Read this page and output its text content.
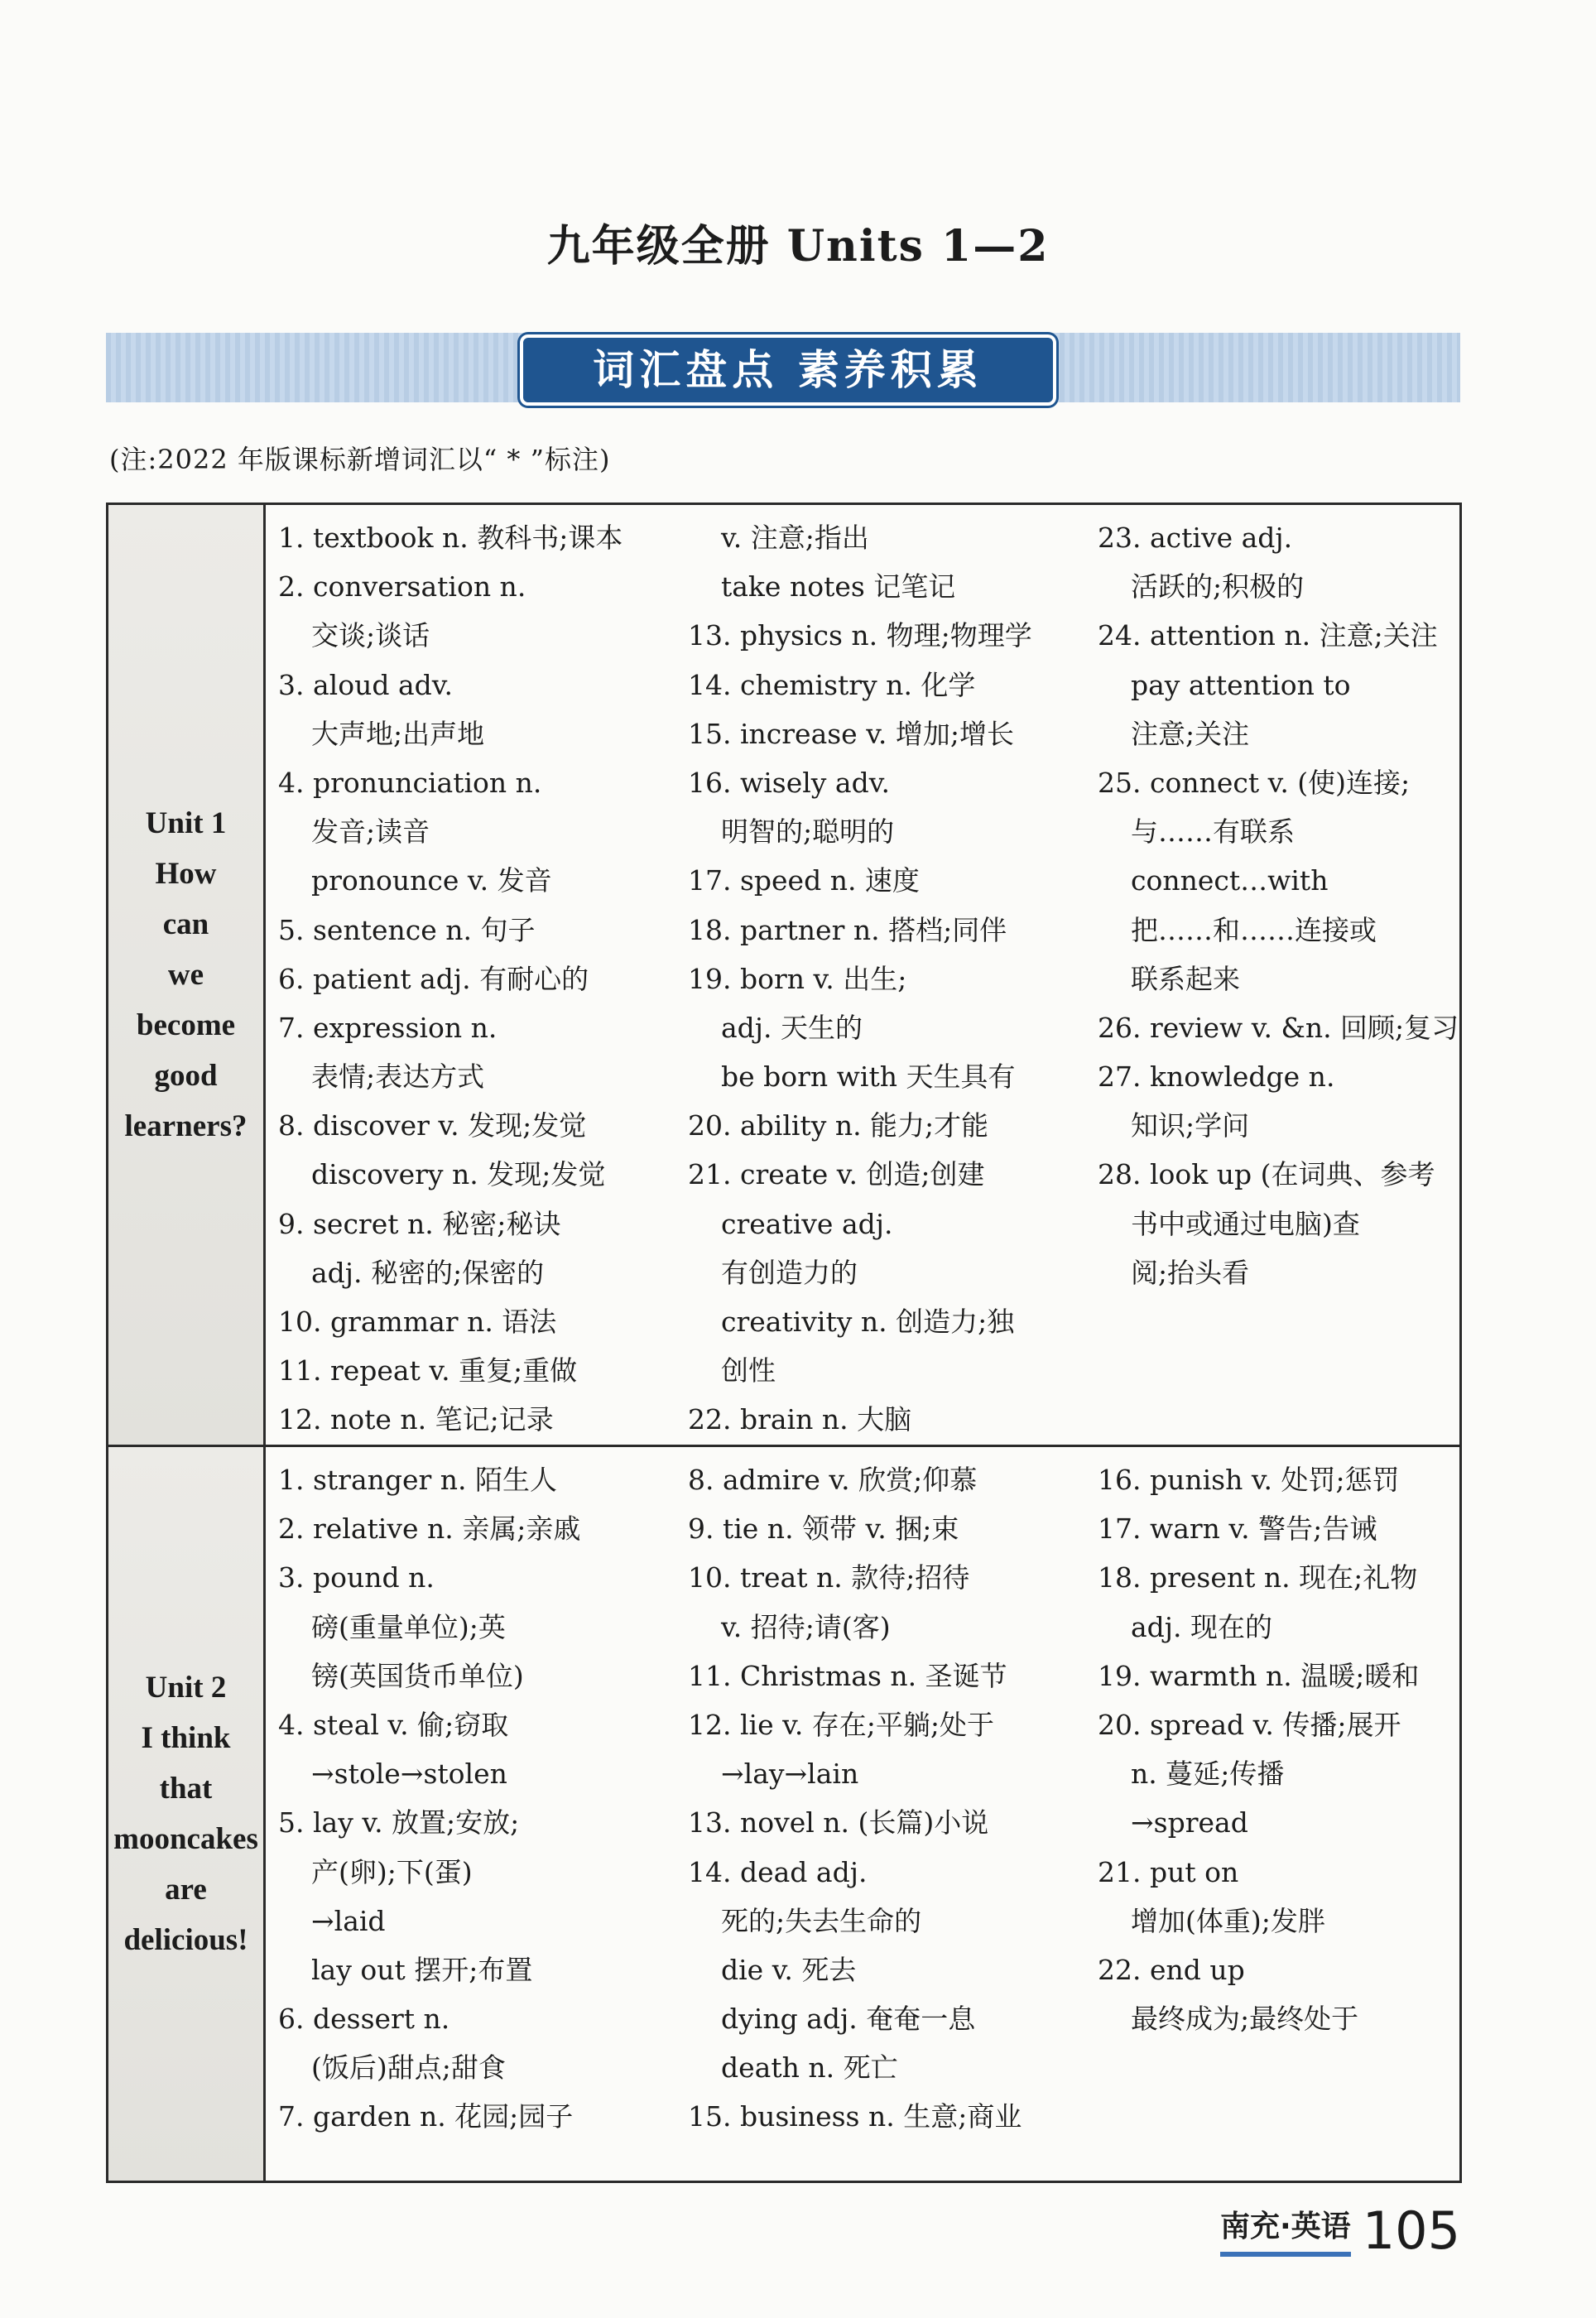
九年级全册 Units 1—2
词汇盘点 素养积累
(注:2022 年版课标新增词汇以“ * ”标注)
Unit 1
How
can
we
become
good
learners?
1. textbook n. 教科书;课本
2. conversation n.
交谈;谈话
3. aloud adv.
大声地;出声地
4. pronunciation n.
发音;读音
pronounce v. 发音
5. sentence n. 句子
6. patient adj. 有耐心的
7. expression n.
表情;表达方式
8. discover v. 发现;发觉
discovery n. 发现;发觉
9. secret n. 秘密;秘诀
adj. 秘密的;保密的
10. grammar n. 语法
11. repeat v. 重复;重做
12. note n. 笔记;记录
v. 注意;指出
take notes 记笔记
13. physics n. 物理;物理学
14. chemistry n. 化学
15. increase v. 增加;增长
16. wisely adv.
明智的;聪明的
17. speed n. 速度
18. partner n. 搭档;同伴
19. born v. 出生;
adj. 天生的
be born with 天生具有
20. ability n. 能力;才能
21. create v. 创造;创建
creative adj.
有创造力的
creativity n. 创造力;独
创性
22. brain n. 大脑
23. active adj.
活跃的;积极的
24. attention n. 注意;关注
pay attention to
注意;关注
25. connect v. (使)连接;
与……有联系
connect…with
把……和……连接或
联系起来
26. review v. &n. 回顾;复习
27. knowledge n.
知识;学问
28. look up (在词典、参考
书中或通过电脑)查
阅;抬头看
Unit 2
I think
that
mooncakes
are
delicious!
1. stranger n. 陌生人
2. relative n. 亲属;亲戚
3. pound n.
磅(重量单位);英
镑(英国货币单位)
4. steal v. 偷;窃取
→stole→stolen
5. lay v. 放置;安放;
产(卵);下(蛋)
→laid
lay out 摆开;布置
6. dessert n.
(饭后)甜点;甜食
7. garden n. 花园;园子
8. admire v. 欣赏;仰慕
9. tie n. 领带 v. 捆;束
10. treat n. 款待;招待
v. 招待;请(客)
11. Christmas n. 圣诞节
12. lie v. 存在;平躺;处于
→lay→lain
13. novel n. (长篇)小说
14. dead adj.
死的;失去生命的
die v. 死去
dying adj. 奄奄一息
death n. 死亡
15. business n. 生意;商业
16. punish v. 处罚;惩罚
17. warn v. 警告;告诫
18. present n. 现在;礼物
adj. 现在的
19. warmth n. 温暖;暖和
20. spread v. 传播;展开
n. 蔓延;传播
→spread
21. put on
增加(体重);发胖
22. end up
最终成为;最终处于
南充·英语 105
